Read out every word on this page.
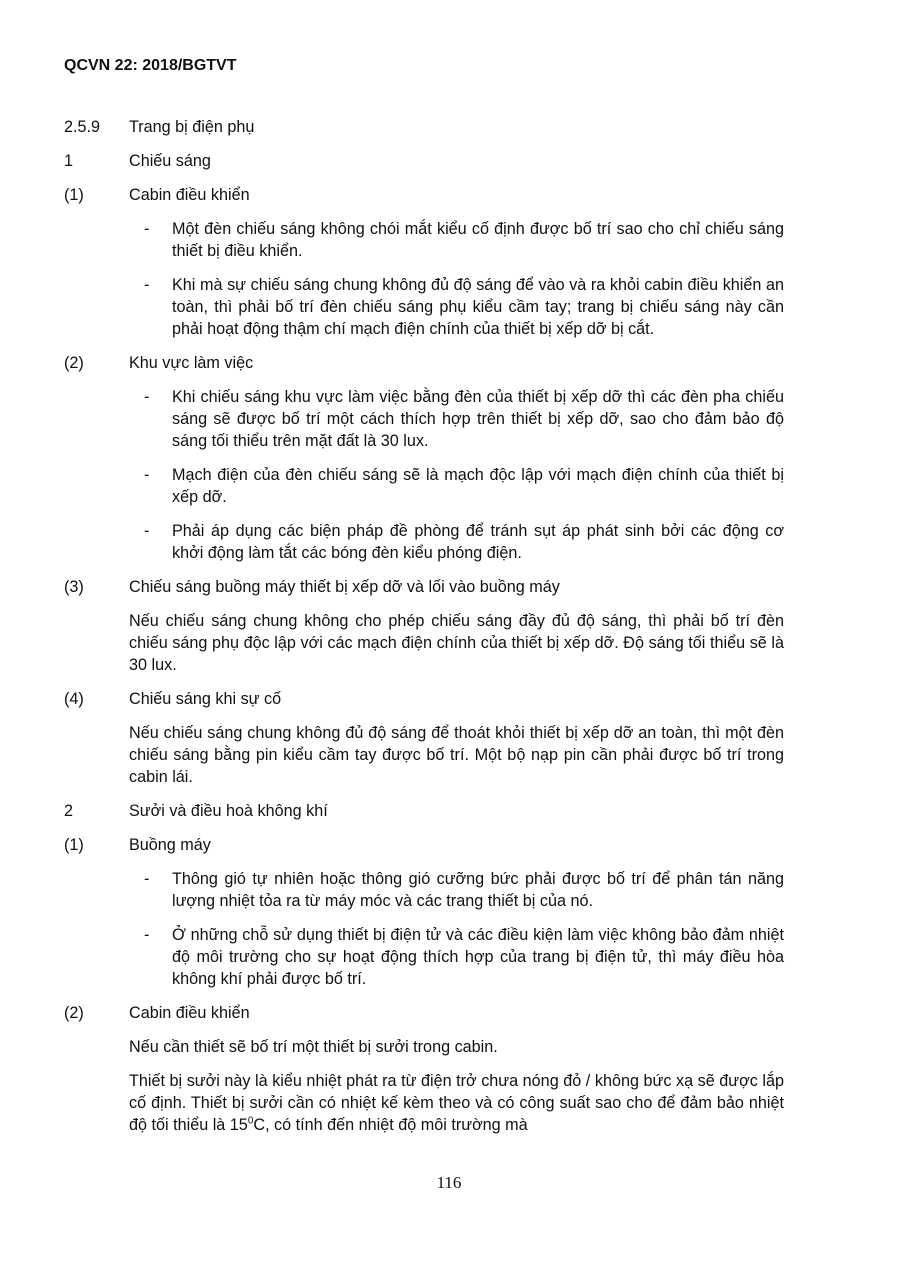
QCVN 22: 2018/BGTVT
2.5.9	Trang bị điện phụ
1	Chiếu sáng
(1)	Cabin điều khiển
-	Một đèn chiếu sáng không chói mắt kiểu cố định được bố trí sao cho chỉ chiếu sáng thiết bị điều khiển.
-	Khi mà sự chiếu sáng chung không đủ độ sáng để vào và ra khỏi cabin điều khiển an toàn, thì phải bố trí đèn chiếu sáng phụ kiểu cầm tay; trang bị chiếu sáng này cần phải hoạt động thậm chí mạch điện chính của thiết bị xếp dỡ bị cắt.
(2)	Khu vực làm việc
-	Khi chiếu sáng khu vực làm việc bằng đèn của thiết bị xếp dỡ thì các đèn pha chiếu sáng sẽ được bố trí một cách thích hợp trên thiết bị xếp dỡ, sao cho đảm bảo độ sáng tối thiểu trên mặt đất là 30 lux.
-	Mạch điện của đèn chiếu sáng sẽ là mạch độc lập với mạch điện chính của thiết bị xếp dỡ.
-	Phải áp dụng các biện pháp đề phòng để tránh sụt áp phát sinh bởi các động cơ khởi động làm tắt các bóng đèn kiểu phóng điện.
(3)	Chiếu sáng buồng máy thiết bị xếp dỡ và lối vào buồng máy
Nếu chiếu sáng chung không cho phép chiếu sáng đầy đủ độ sáng, thì phải bố trí đèn chiếu sáng phụ độc lập với các mạch điện chính của thiết bị xếp dỡ. Độ sáng tối thiểu sẽ là 30 lux.
(4)	Chiếu sáng khi sự cố
Nếu chiếu sáng chung không đủ độ sáng để thoát khỏi thiết bị xếp dỡ an toàn, thì một đèn chiếu sáng bằng pin kiểu cầm tay được bố trí. Một bộ nạp pin cần phải được bố trí trong cabin lái.
2	Sưởi và điều hoà không khí
(1)	Buồng máy
-	Thông gió tự nhiên hoặc thông gió cưỡng bức phải được bố trí để phân tán năng lượng nhiệt tỏa ra từ máy móc và các trang thiết bị của nó.
-	Ở những chỗ sử dụng thiết bị điện tử và các điều kiện làm việc không bảo đảm nhiệt độ môi trường cho sự hoạt động thích hợp của trang bị điện tử, thì máy điều hòa không khí phải được bố trí.
(2)	Cabin điều khiển
Nếu cần thiết sẽ bố trí một thiết bị sưởi trong cabin.
Thiết bị sưởi này là kiểu nhiệt phát ra từ điện trở chưa nóng đỏ / không bức xạ sẽ được lắp cố định. Thiết bị sưởi cần có nhiệt kế kèm theo và có công suất sao cho để đảm bảo nhiệt độ tối thiểu là $15^0C$, có tính đến nhiệt độ môi trường mà
116
